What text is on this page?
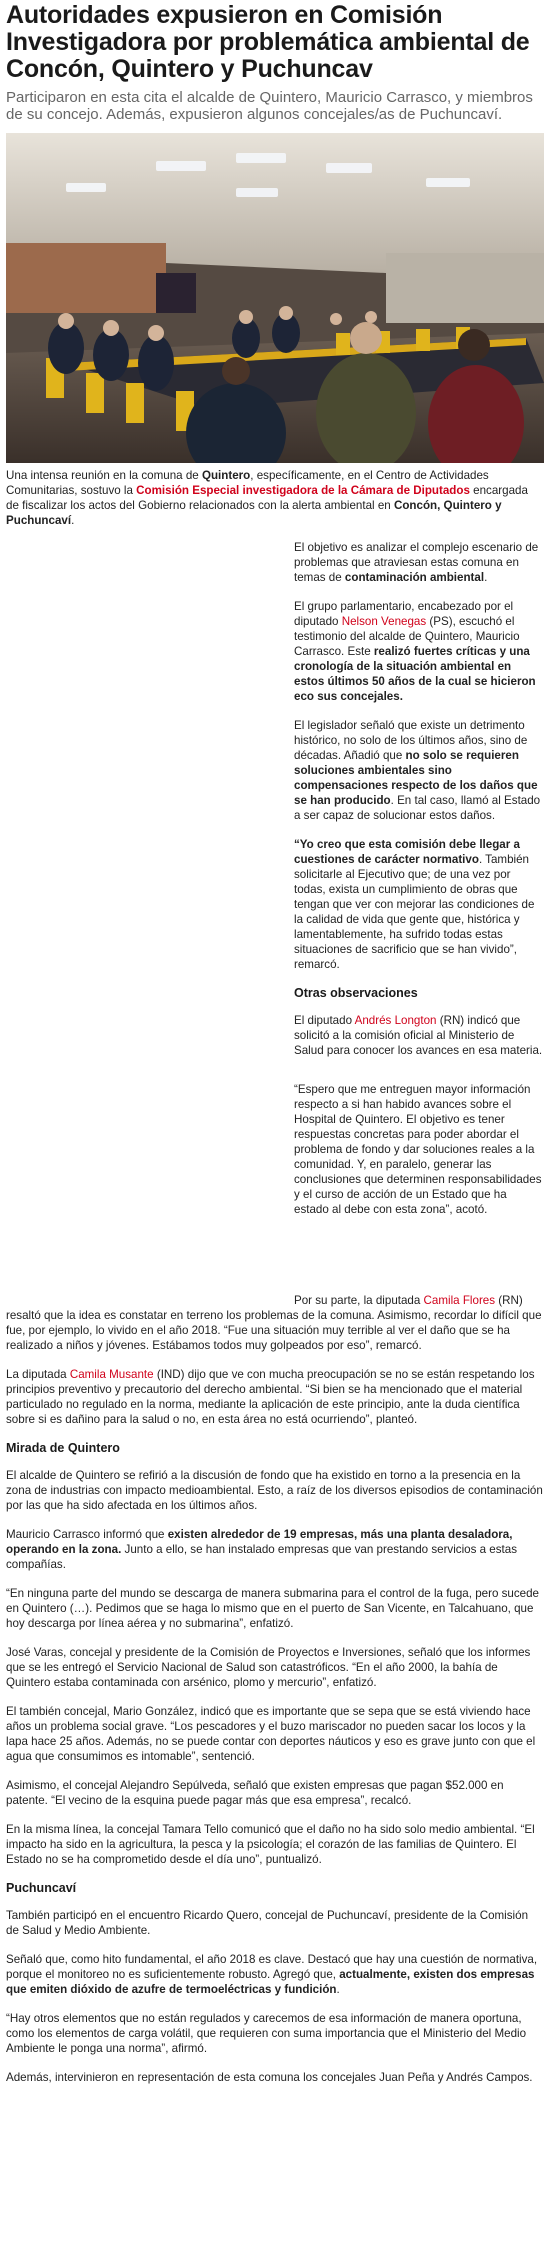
Autoridades expusieron en Comisión Investigadora por problemática ambiental de Concón, Quintero y Puchuncav

Participaron en esta cita el alcalde de Quintero, Mauricio Carrasco, y miembros de su concejo. Además, expusieron algunos concejales/as de Puchuncaví.

Una intensa reunión en la comuna de Quintero, específicamente, en el Centro de Actividades Comunitarias, sostuvo la Comisión Especial investigadora de la Cámara de Diputados encargada de fiscalizar los actos del Gobierno relacionados con la alerta ambiental en Concón, Quintero y Puchuncaví.

El objetivo es analizar el complejo escenario de problemas que atraviesan estas comuna en temas de contaminación ambiental.

El grupo parlamentario, encabezado por el diputado Nelson Venegas (PS), escuchó el testimonio del alcalde de Quintero, Mauricio Carrasco. Este realizó fuertes críticas y una cronología de la situación ambiental en estos últimos 50 años de la cual se hicieron eco sus concejales.

El legislador señaló que existe un detrimento histórico, no solo de los últimos años, sino de décadas. Añadió que no solo se requieren soluciones ambientales sino compensaciones respecto de los daños que se han producido. En tal caso, llamó al Estado a ser capaz de solucionar estos daños.

“Yo creo que esta comisión debe llegar a cuestiones de carácter normativo. También solicitarle al Ejecutivo que; de una vez por todas, exista un cumplimiento de obras que tengan que ver con mejorar las condiciones de la calidad de vida que gente que, histórica y lamentablemente, ha sufrido todas estas situaciones de sacrificio que se han vivido”, remarcó.

Otras observaciones

El diputado Andrés Longton (RN) indicó que solicitó a la comisión oficial al Ministerio de Salud para conocer los avances en esa materia.

“Espero que me entreguen mayor información respecto a si han habido avances sobre el Hospital de Quintero. El objetivo es tener respuestas concretas para poder abordar el problema de fondo y dar soluciones reales a la comunidad. Y, en paralelo, generar las conclusiones que determinen responsabilidades y el curso de acción de un Estado que ha estado al debe con esta zona”, acotó.

Por su parte, la diputada Camila Flores (RN) resaltó que la idea es constatar en terreno los problemas de la comuna. Asimismo, recordar lo difícil que fue, por ejemplo, lo vivido en el año 2018. “Fue una situación muy terrible al ver el daño que se ha realizado a niños y jóvenes. Estábamos todos muy golpeados por eso”, remarcó.

La diputada Camila Musante (IND) dijo que ve con mucha preocupación se no se están respetando los principios preventivo y precautorio del derecho ambiental. “Si bien se ha mencionado que el material particulado no regulado en la norma, mediante la aplicación de este principio, ante la duda científica sobre si es dañino para la salud o no, en esta área no está ocurriendo”, planteó.

Mirada de Quintero

El alcalde de Quintero se refirió a la discusión de fondo que ha existido en torno a la presencia en la zona de industrias con impacto medioambiental. Esto, a raíz de los diversos episodios de contaminación por las que ha sido afectada en los últimos años.

Mauricio Carrasco informó que existen alrededor de 19 empresas, más una planta desaladora, operando en la zona. Junto a ello, se han instalado empresas que van prestando servicios a estas compañías.

“En ninguna parte del mundo se descarga de manera submarina para el control de la fuga, pero sucede en Quintero (…). Pedimos que se haga lo mismo que en el puerto de San Vicente, en Talcahuano, que hoy descarga por línea aérea y no submarina”, enfatizó.

José Varas, concejal y presidente de la Comisión de Proyectos e Inversiones, señaló que los informes que se les entregó el Servicio Nacional de Salud son catastróficos. “En el año 2000, la bahía de Quintero estaba contaminada con arsénico, plomo y mercurio”, enfatizó.

El también concejal, Mario González, indicó que es importante que se sepa que se está viviendo hace años un problema social grave. “Los pescadores y el buzo mariscador no pueden sacar los locos y la lapa hace 25 años. Además, no se puede contar con deportes náuticos y eso es grave junto con que el agua que consumimos es intomable”, sentenció.

Asimismo, el concejal Alejandro Sepúlveda, señaló que existen empresas que pagan $52.000 en patente. “El vecino de la esquina puede pagar más que esa empresa”, recalcó.

En la misma línea, la concejal Tamara Tello comunicó que el daño no ha sido solo medio ambiental. “El impacto ha sido en la agricultura, la pesca y la psicología; el corazón de las familias de Quintero. El Estado no se ha comprometido desde el día uno”, puntualizó.

Puchuncaví

También participó en el encuentro Ricardo Quero, concejal de Puchuncaví, presidente de la Comisión de Salud y Medio Ambiente.

Señaló que, como hito fundamental, el año 2018 es clave. Destacó que hay una cuestión de normativa, porque el monitoreo no es suficientemente robusto. Agregó que, actualmente, existen dos empresas que emiten dióxido de azufre de termoeléctricas y fundición.

“Hay otros elementos que no están regulados y carecemos de esa información de manera oportuna, como los elementos de carga volátil, que requieren con suma importancia que el Ministerio del Medio Ambiente le ponga una norma”, afirmó.

Además, intervinieron en representación de esta comuna los concejales Juan Peña y Andrés Campos.
